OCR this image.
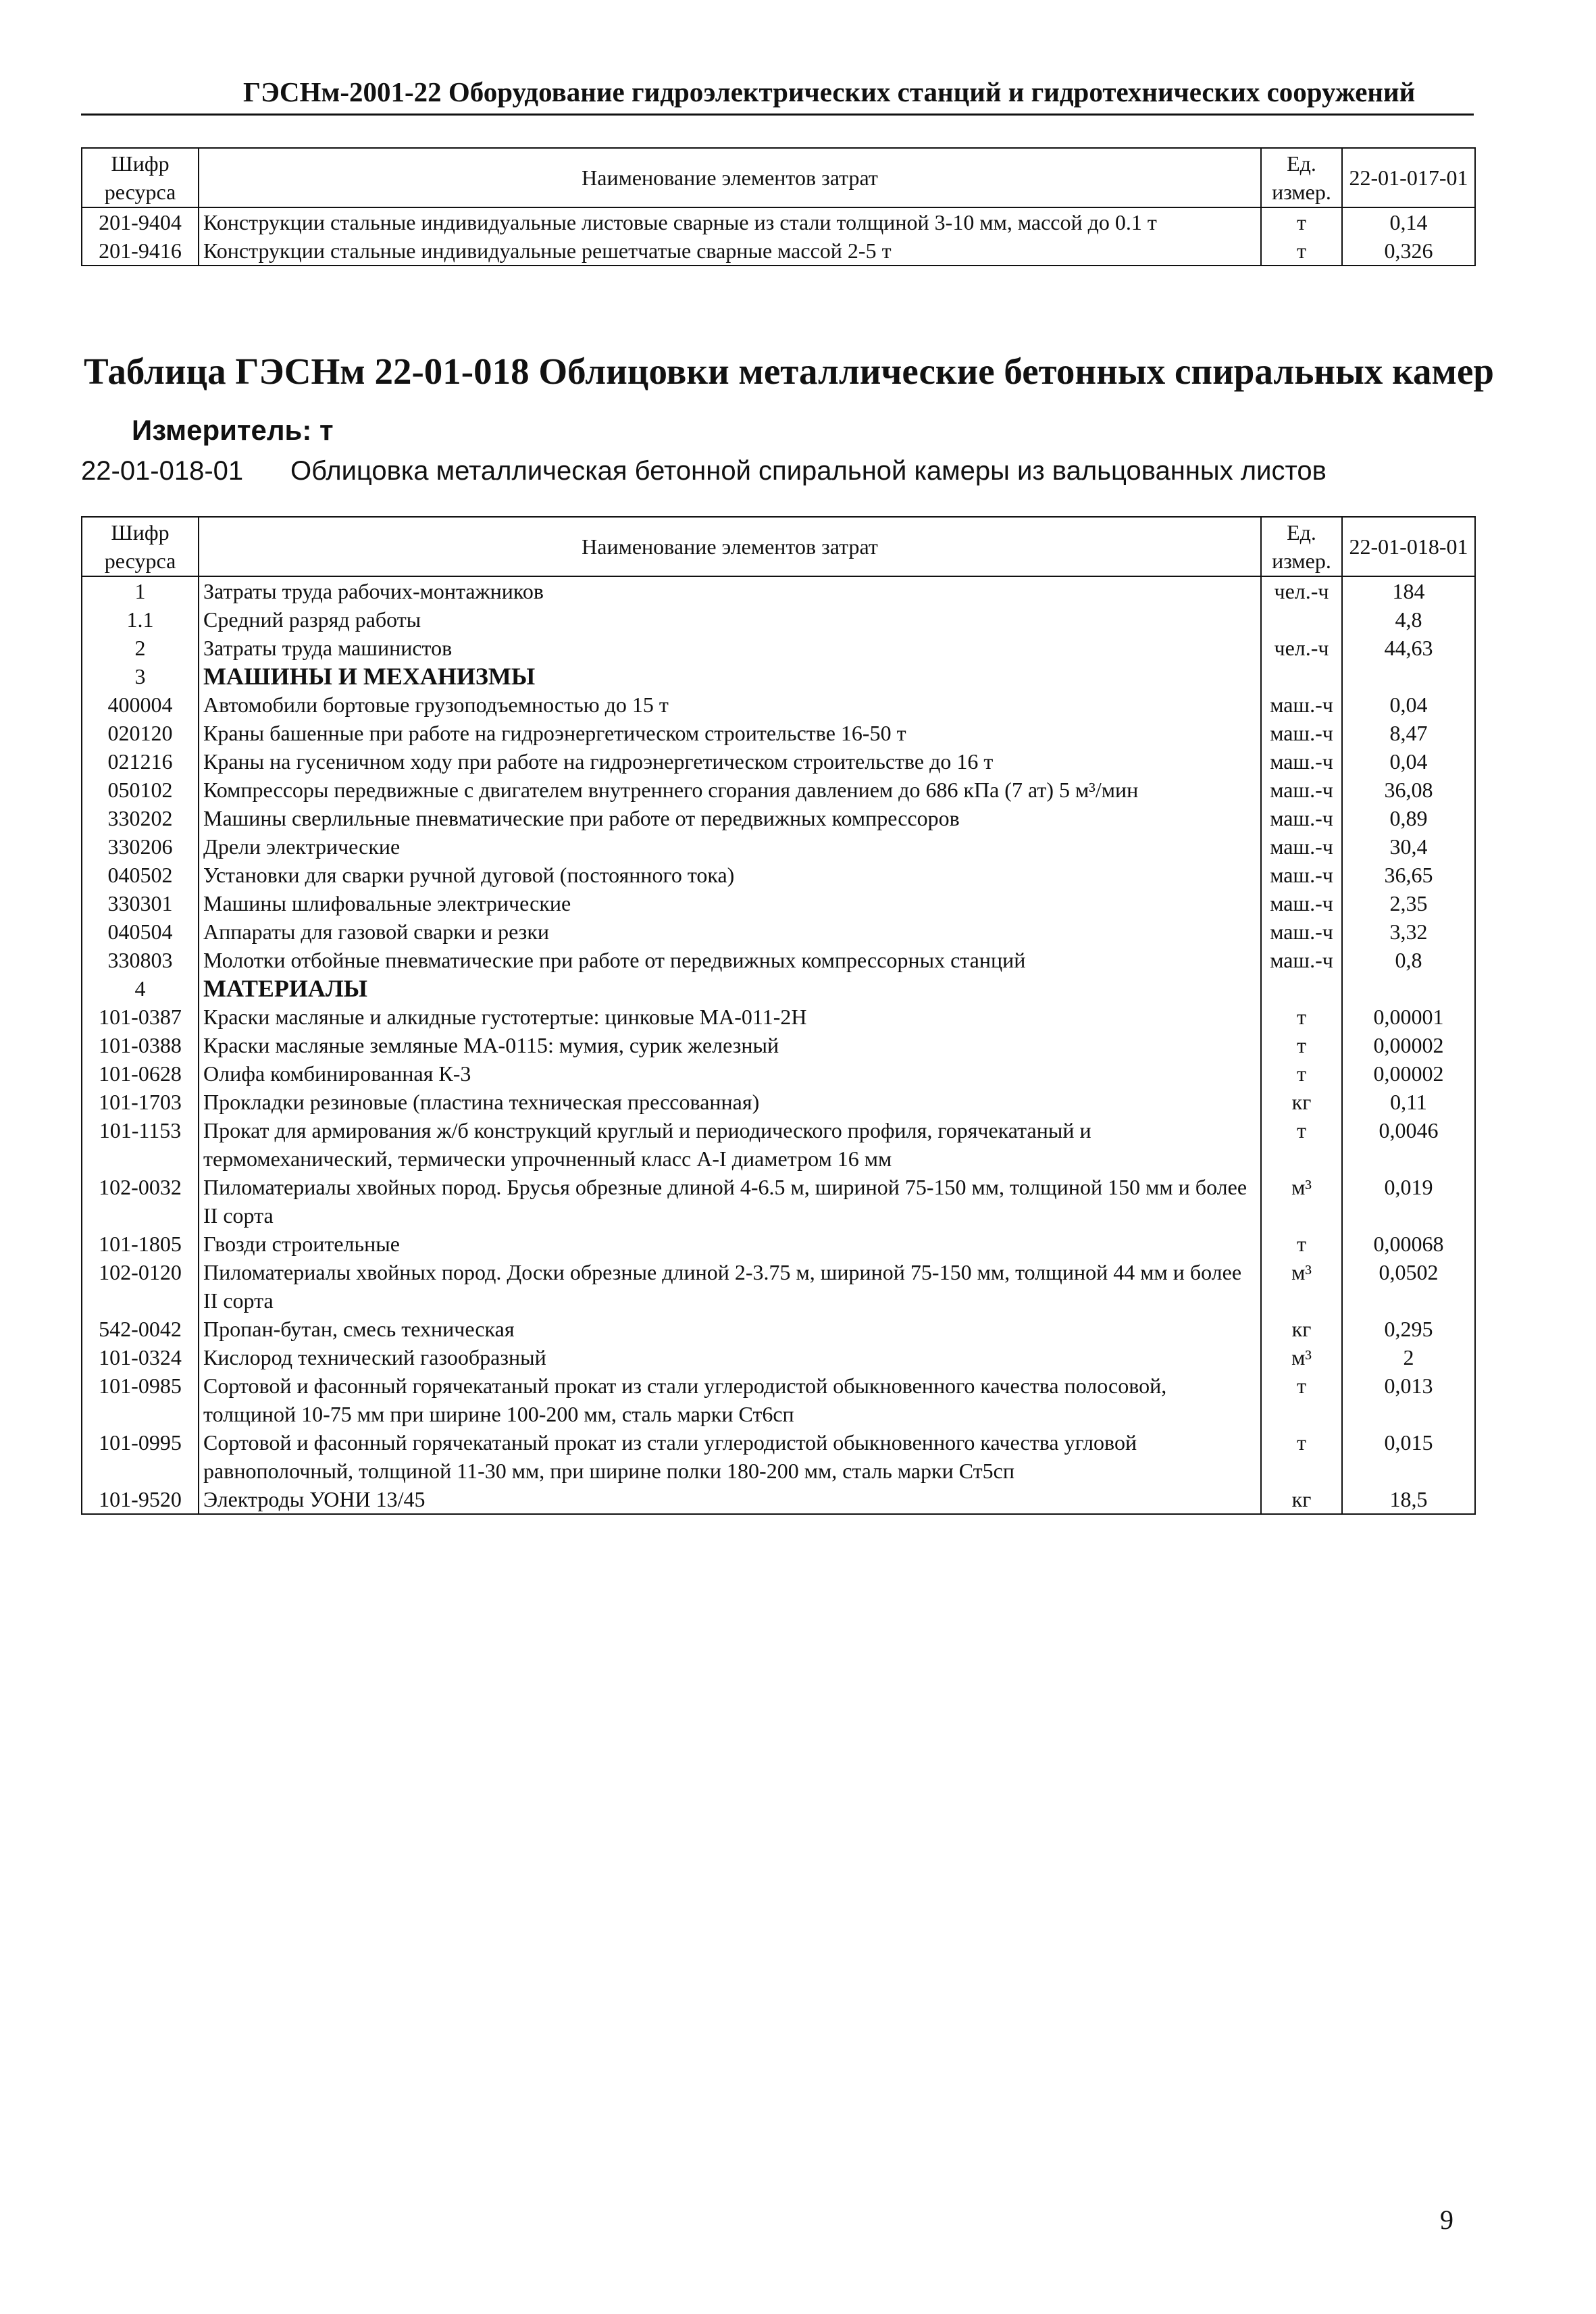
ГЭСНм-2001-22 Оборудование гидроэлектрических станций и гидротехнических сооружений
Шифр ресурса	Наименование элементов затрат	Ед. измер.	22-01-017-01
201-9404	Конструкции стальные индивидуальные листовые сварные из стали толщиной 3-10 мм, массой до 0.1 т	т	0,14
201-9416	Конструкции стальные индивидуальные решетчатые сварные массой 2-5 т	т	0,326
Таблица ГЭСНм 22-01-018 Облицовки металлические бетонных спиральных камер
Измеритель: т
22-01-018-01 Облицовка металлическая бетонной спиральной камеры из вальцованных листов
Шифр ресурса	Наименование элементов затрат	Ед. измер.	22-01-018-01
1	Затраты труда рабочих-монтажников	чел.-ч	184
1.1	Средний разряд работы		4,8
2	Затраты труда машинистов	чел.-ч	44,63
3	МАШИНЫ И МЕХАНИЗМЫ		
400004	Автомобили бортовые грузоподъемностью до 15 т	маш.-ч	0,04
020120	Краны башенные при работе на гидроэнергетическом строительстве 16-50 т	маш.-ч	8,47
021216	Краны на гусеничном ходу при работе на гидроэнергетическом строительстве до 16 т	маш.-ч	0,04
050102	Компрессоры передвижные с двигателем внутреннего сгорания давлением до 686 кПа (7 ат) 5 м³/мин	маш.-ч	36,08
330202	Машины сверлильные пневматические при работе от передвижных компрессоров	маш.-ч	0,89
330206	Дрели электрические	маш.-ч	30,4
040502	Установки для сварки ручной дуговой (постоянного тока)	маш.-ч	36,65
330301	Машины шлифовальные электрические	маш.-ч	2,35
040504	Аппараты для газовой сварки и резки	маш.-ч	3,32
330803	Молотки отбойные пневматические при работе от передвижных компрессорных станций	маш.-ч	0,8
4	МАТЕРИАЛЫ		
101-0387	Краски масляные и алкидные густотертые: цинковые МА-011-2Н	т	0,00001
101-0388	Краски масляные земляные МА-0115: мумия, сурик железный	т	0,00002
101-0628	Олифа комбинированная К-3	т	0,00002
101-1703	Прокладки резиновые (пластина техническая прессованная)	кг	0,11
101-1153	Прокат для армирования ж/б конструкций круглый и периодического профиля, горячекатаный и термомеханический, термически упрочненный класс А-I диаметром 16 мм	т	0,0046
102-0032	Пиломатериалы хвойных пород. Брусья обрезные длиной 4-6.5 м, шириной 75-150 мм, толщиной 150 мм и более II сорта	м³	0,019
101-1805	Гвозди строительные	т	0,00068
102-0120	Пиломатериалы хвойных пород. Доски обрезные длиной 2-3.75 м, шириной 75-150 мм, толщиной 44 мм и более II сорта	м³	0,0502
542-0042	Пропан-бутан, смесь техническая	кг	0,295
101-0324	Кислород технический газообразный	м³	2
101-0985	Сортовой и фасонный горячекатаный прокат из стали углеродистой обыкновенного качества полосовой, толщиной 10-75 мм при ширине 100-200 мм, сталь марки Ст6сп	т	0,013
101-0995	Сортовой и фасонный горячекатаный прокат из стали углеродистой обыкновенного качества угловой равнополочный, толщиной 11-30 мм, при ширине полки 180-200 мм, сталь марки Ст5сп	т	0,015
101-9520	Электроды УОНИ 13/45	кг	18,5
9
